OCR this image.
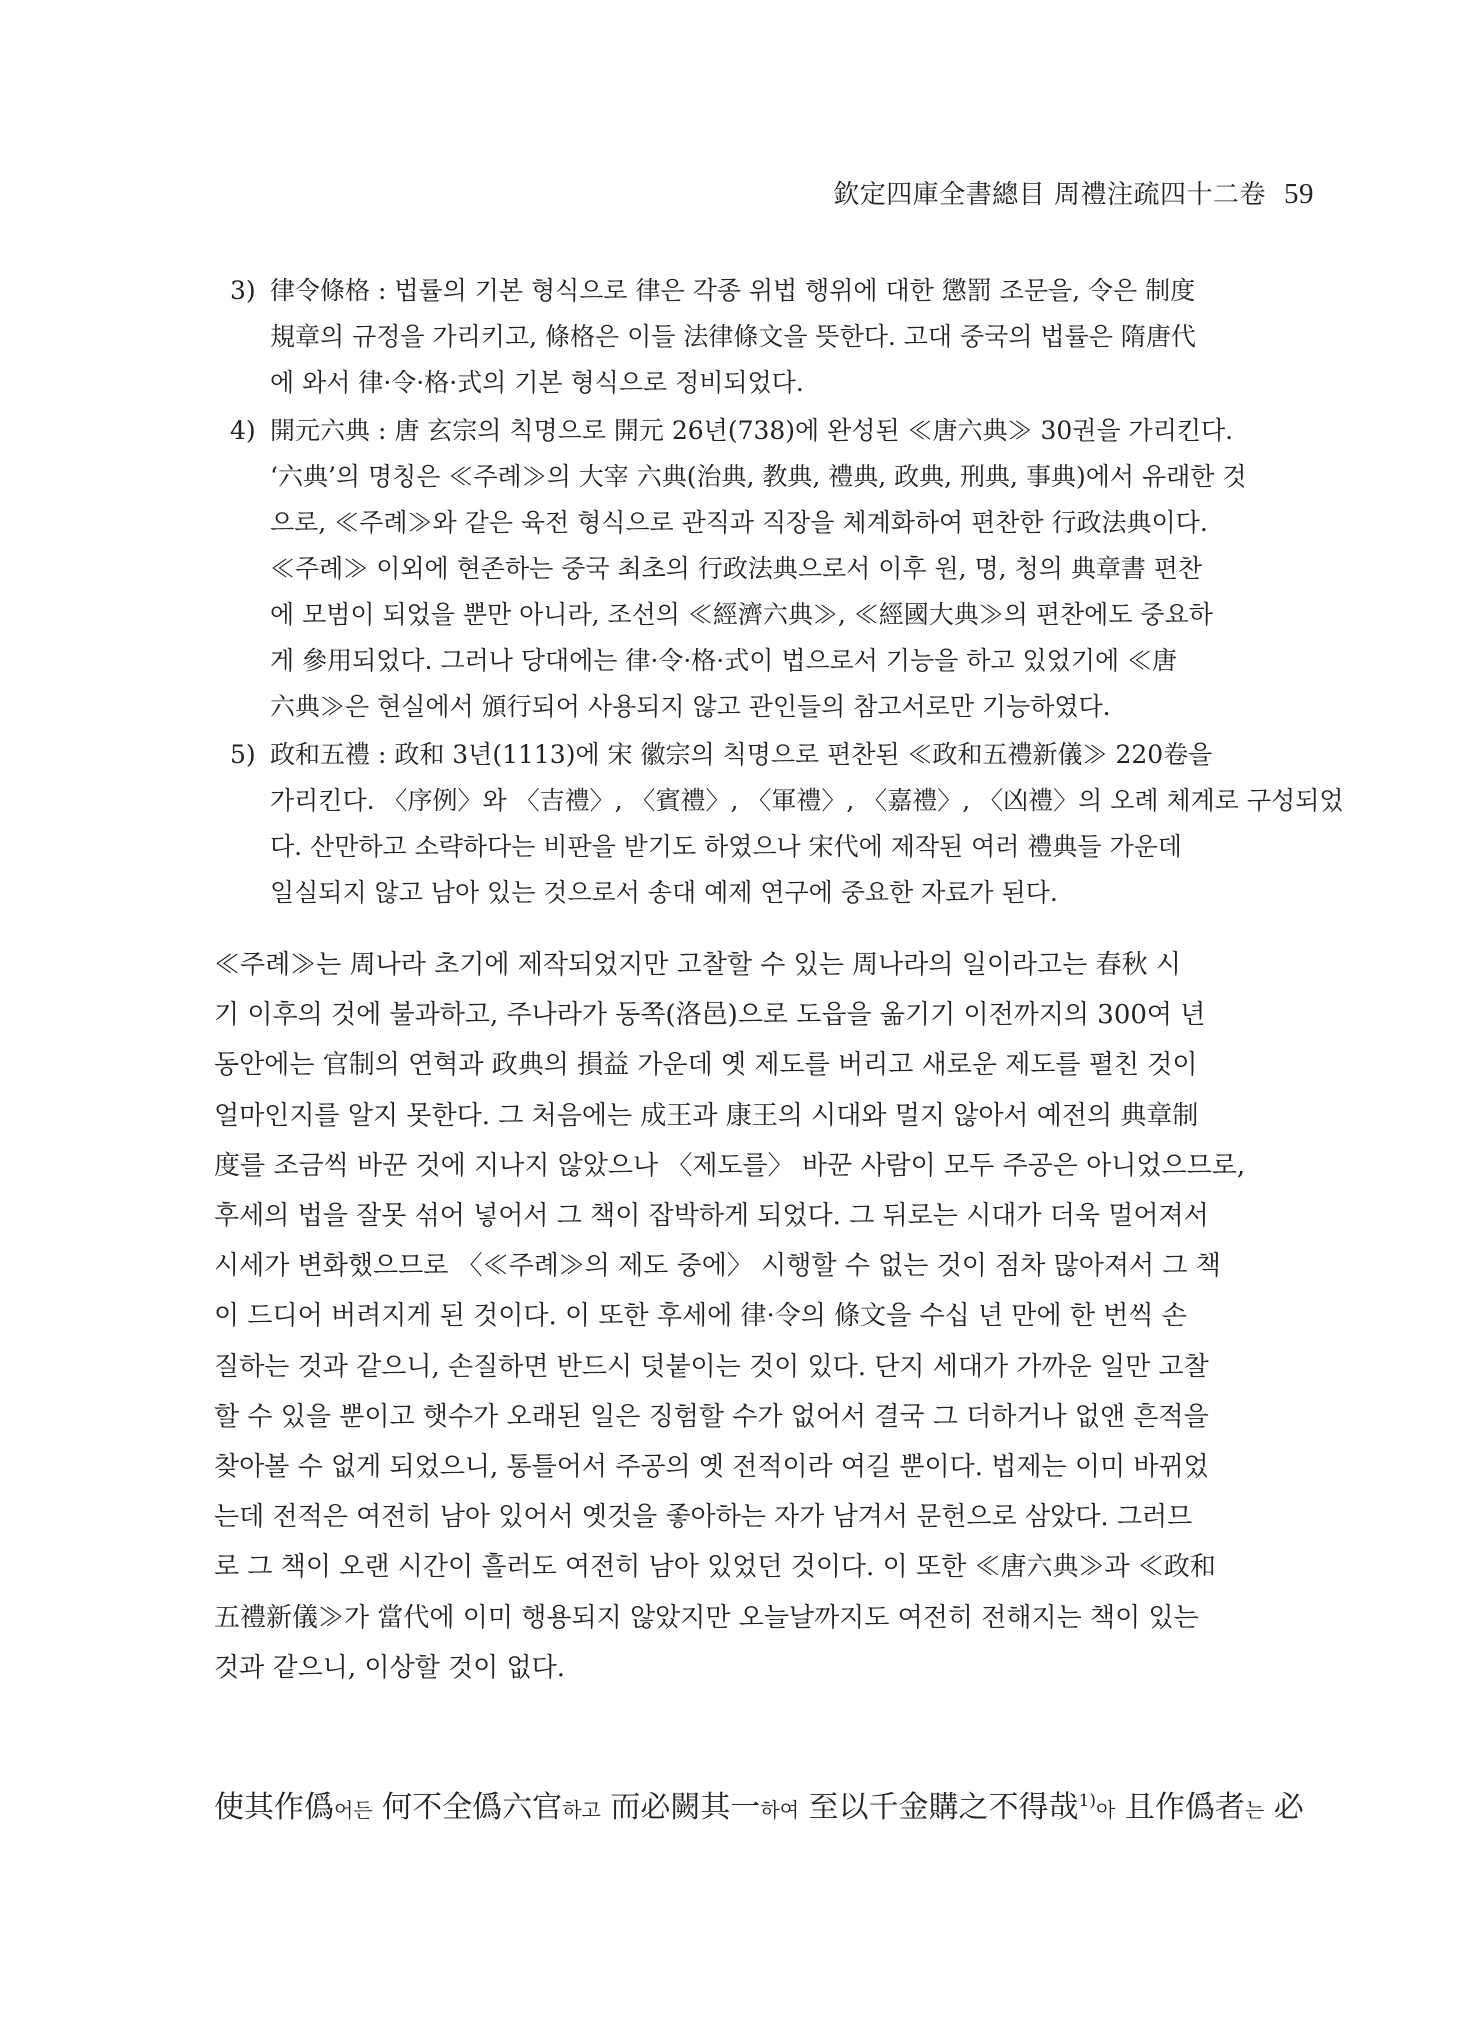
欽定四庫全書總目 周禮注疏四十二卷 59
3) 律令條格 : 법률의 기본 형식으로 律은 각종 위법 행위에 대한 懲罰 조문을, 令은 制度
規章의 규정을 가리키고, 條格은 이들 法律條文을 뜻한다. 고대 중국의 법률은 隋唐代
에 와서 律·令·格·式의 기본 형식으로 정비되었다.
4) 開元六典 : 唐 玄宗의 칙명으로 開元 26년(738)에 완성된 ≪唐六典≫ 30권을 가리킨다.
‘六典’의 명칭은 ≪주례≫의 大宰 六典(治典, 教典, 禮典, 政典, 刑典, 事典)에서 유래한 것
으로, ≪주례≫와 같은 육전 형식으로 관직과 직장을 체계화하여 편찬한 行政法典이다.
≪주례≫ 이외에 현존하는 중국 최초의 行政法典으로서 이후 원, 명, 청의 典章書 편찬
에 모범이 되었을 뿐만 아니라, 조선의 ≪經濟六典≫, ≪經國大典≫의 편찬에도 중요하
게 參用되었다. 그러나 당대에는 律·令·格·式이 법으로서 기능을 하고 있었기에 ≪唐
六典≫은 현실에서 頒行되어 사용되지 않고 관인들의 참고서로만 기능하였다.
5) 政和五禮 : 政和 3년(1113)에 宋 徽宗의 칙명으로 편찬된 ≪政和五禮新儀≫ 220卷을
가리킨다. 〈序例〉와 〈吉禮〉, 〈賓禮〉, 〈軍禮〉, 〈嘉禮〉, 〈凶禮〉의 오례 체계로 구성되었
다. 산만하고 소략하다는 비판을 받기도 하였으나 宋代에 제작된 여러 禮典들 가운데
일실되지 않고 남아 있는 것으로서 송대 예제 연구에 중요한 자료가 된다.
≪주례≫는 周나라 초기에 제작되었지만 고찰할 수 있는 周나라의 일이라고는 春秋 시
기 이후의 것에 불과하고, 주나라가 동쪽(洛邑)으로 도읍을 옮기기 이전까지의 300여 년
동안에는 官制의 연혁과 政典의 損益 가운데 옛 제도를 버리고 새로운 제도를 펼친 것이
얼마인지를 알지 못한다. 그 처음에는 成王과 康王의 시대와 멀지 않아서 예전의 典章制
度를 조금씩 바꾼 것에 지나지 않았으나 〈제도를〉 바꾼 사람이 모두 주공은 아니었으므로,
후세의 법을 잘못 섞어 넣어서 그 책이 잡박하게 되었다. 그 뒤로는 시대가 더욱 멀어져서
시세가 변화했으므로 〈≪주례≫의 제도 중에〉 시행할 수 없는 것이 점차 많아져서 그 책
이 드디어 버려지게 된 것이다. 이 또한 후세에 律·令의 條文을 수십 년 만에 한 번씩 손
질하는 것과 같으니, 손질하면 반드시 덧붙이는 것이 있다. 단지 세대가 가까운 일만 고찰
할 수 있을 뿐이고 햇수가 오래된 일은 징험할 수가 없어서 결국 그 더하거나 없앤 흔적을
찾아볼 수 없게 되었으니, 통틀어서 주공의 옛 전적이라 여길 뿐이다. 법제는 이미 바뀌었
는데 전적은 여전히 남아 있어서 옛것을 좋아하는 자가 남겨서 문헌으로 삼았다. 그러므
로 그 책이 오랜 시간이 흘러도 여전히 남아 있었던 것이다. 이 또한 ≪唐六典≫과 ≪政和
五禮新儀≫가 當代에 이미 행용되지 않았지만 오늘날까지도 여전히 전해지는 책이 있는
것과 같으니, 이상할 것이 없다.
使其作僞어든 何不全僞六官하고 而必闕其一하여 至以千金購之不得哉$^{1)}$아 且作僞者는 必
